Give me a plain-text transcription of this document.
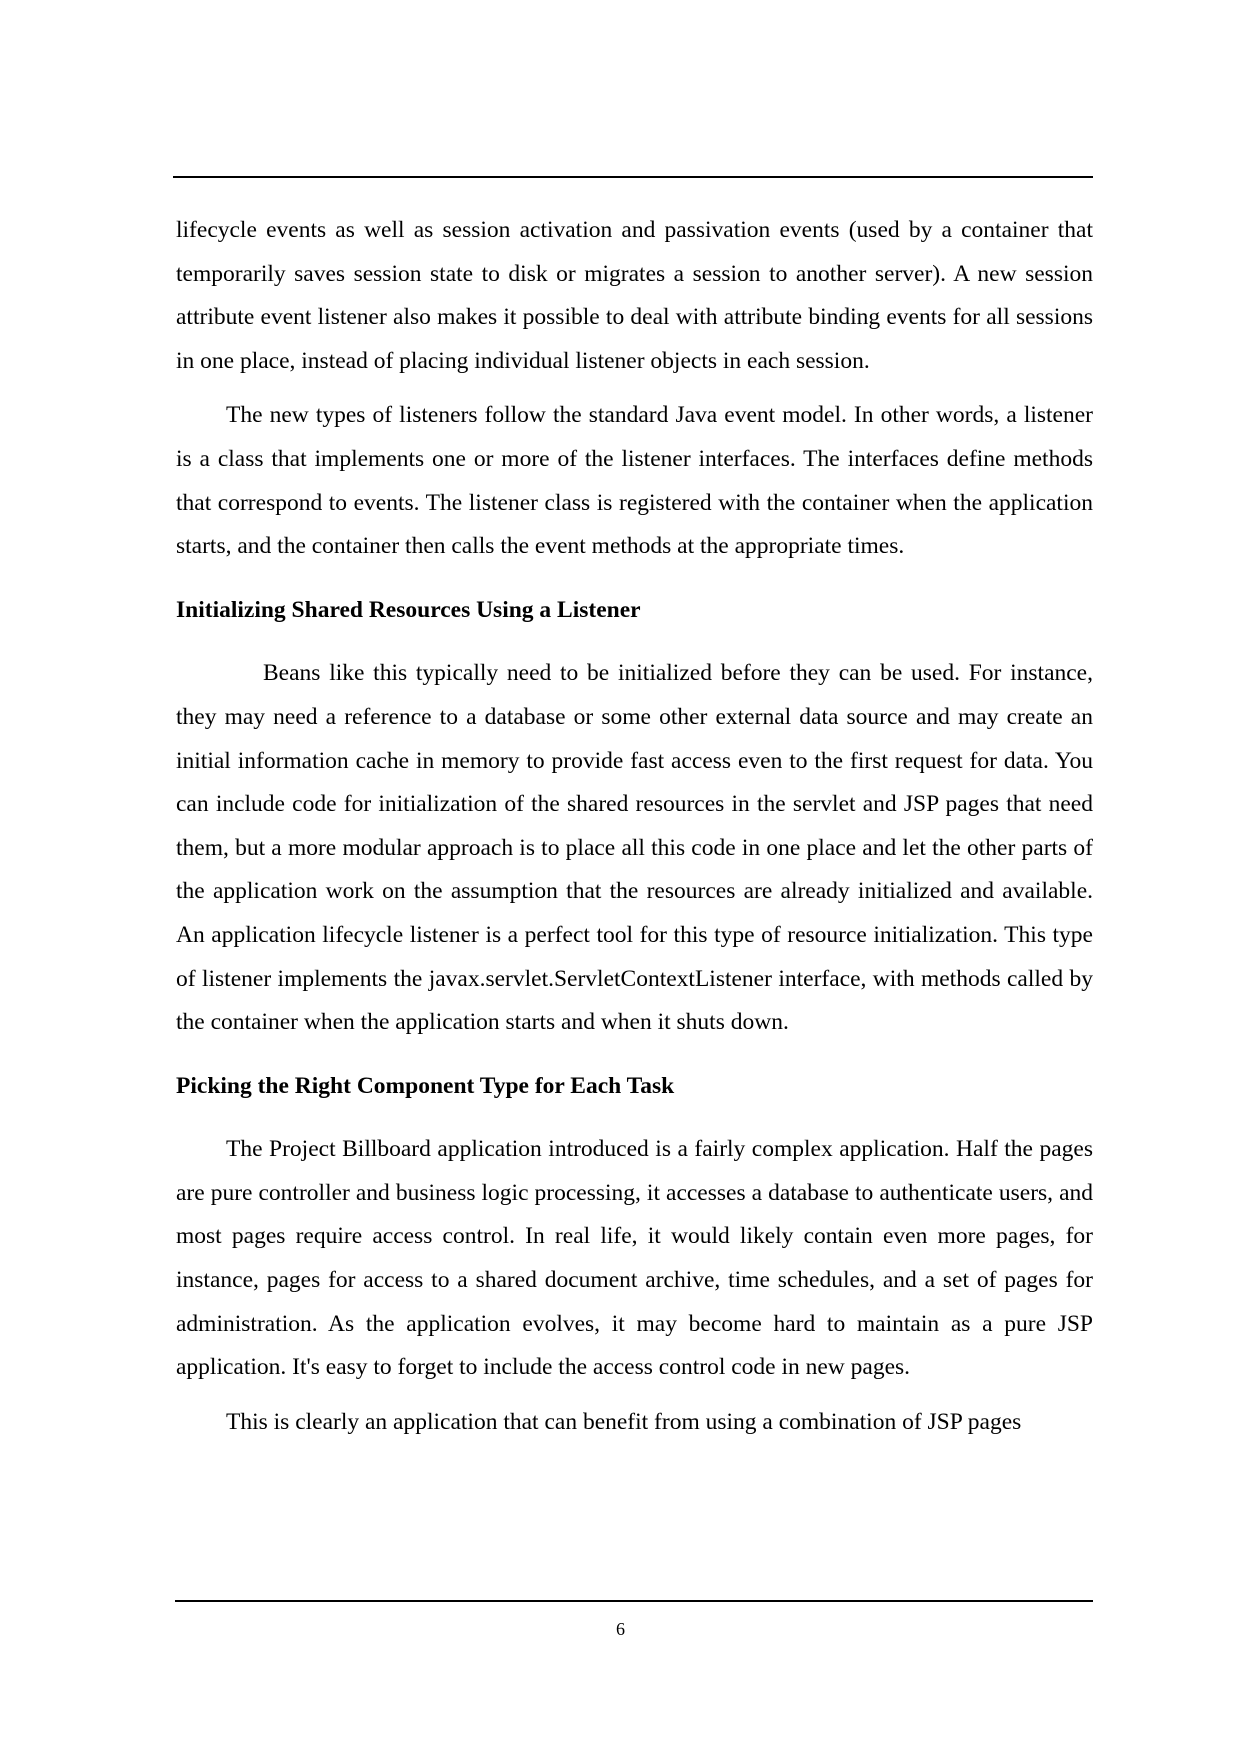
lifecycle events as well as session activation and passivation events (used by a container that temporarily saves session state to disk or migrates a session to another server). A new session attribute event listener also makes it possible to deal with attribute binding events for all sessions in one place, instead of placing individual listener objects in each session.

The new types of listeners follow the standard Java event model. In other words, a listener is a class that implements one or more of the listener interfaces. The interfaces define methods that correspond to events. The listener class is registered with the container when the application starts, and the container then calls the event methods at the appropriate times.

Initializing Shared Resources Using a Listener

Beans like this typically need to be initialized before they can be used. For instance, they may need a reference to a database or some other external data source and may create an initial information cache in memory to provide fast access even to the first request for data. You can include code for initialization of the shared resources in the servlet and JSP pages that need them, but a more modular approach is to place all this code in one place and let the other parts of the application work on the assumption that the resources are already initialized and available. An application lifecycle listener is a perfect tool for this type of resource initialization. This type of listener implements the javax.servlet.ServletContextListener interface, with methods called by the container when the application starts and when it shuts down.

Picking the Right Component Type for Each Task

The Project Billboard application introduced is a fairly complex application. Half the pages are pure controller and business logic processing, it accesses a database to authenticate users, and most pages require access control. In real life, it would likely contain even more pages, for instance, pages for access to a shared document archive, time schedules, and a set of pages for administration. As the application evolves, it may become hard to maintain as a pure JSP application. It's easy to forget to include the access control code in new pages.

This is clearly an application that can benefit from using a combination of JSP pages

6
